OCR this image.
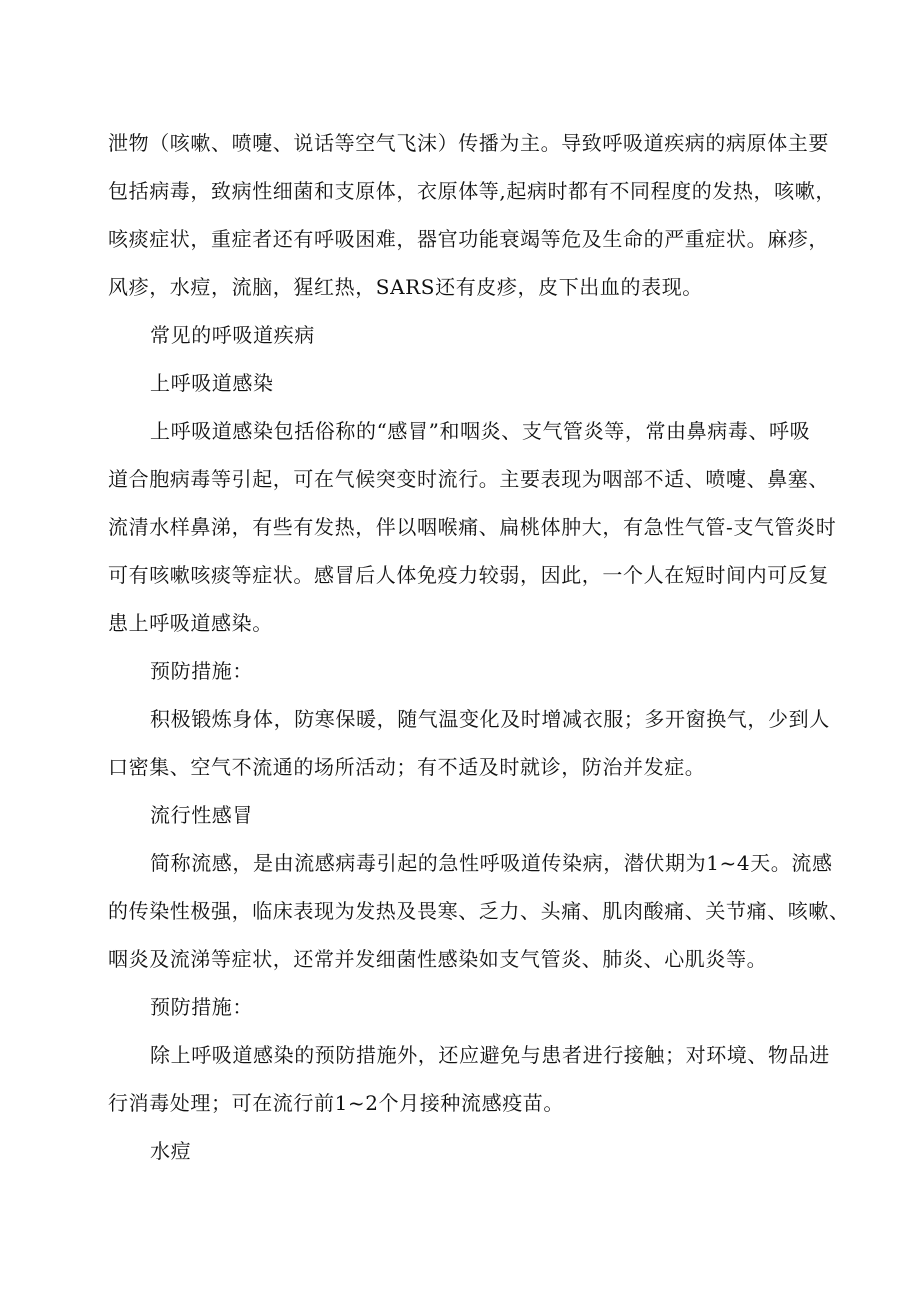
泄物（咳嗽、喷嚏、说话等空气飞沫）传播为主。导致呼吸道疾病的病原体主要
包括病毒，致病性细菌和支原体，衣原体等,起病时都有不同程度的发热，咳嗽，
咳痰症状，重症者还有呼吸困难，器官功能衰竭等危及生命的严重症状。麻疹，
风疹，水痘，流脑，猩红热，SARS还有皮疹，皮下出血的表现。
常见的呼吸道疾病
上呼吸道感染
上呼吸道感染包括俗称的“感冒”和咽炎、支气管炎等，常由鼻病毒、呼吸
道合胞病毒等引起，可在气候突变时流行。主要表现为咽部不适、喷嚏、鼻塞、
流清水样鼻涕，有些有发热，伴以咽喉痛、扁桃体肿大，有急性气管-支气管炎时
可有咳嗽咳痰等症状。感冒后人体免疫力较弱，因此，一个人在短时间内可反复
患上呼吸道感染。
预防措施：
积极锻炼身体，防寒保暖，随气温变化及时增减衣服；多开窗换气，少到人
口密集、空气不流通的场所活动；有不适及时就诊，防治并发症。
流行性感冒
简称流感，是由流感病毒引起的急性呼吸道传染病，潜伏期为1~4天。流感
的传染性极强，临床表现为发热及畏寒、乏力、头痛、肌肉酸痛、关节痛、咳嗽、
咽炎及流涕等症状，还常并发细菌性感染如支气管炎、肺炎、心肌炎等。
预防措施：
除上呼吸道感染的预防措施外，还应避免与患者进行接触；对环境、物品进
行消毒处理；可在流行前1~2个月接种流感疫苗。
水痘
